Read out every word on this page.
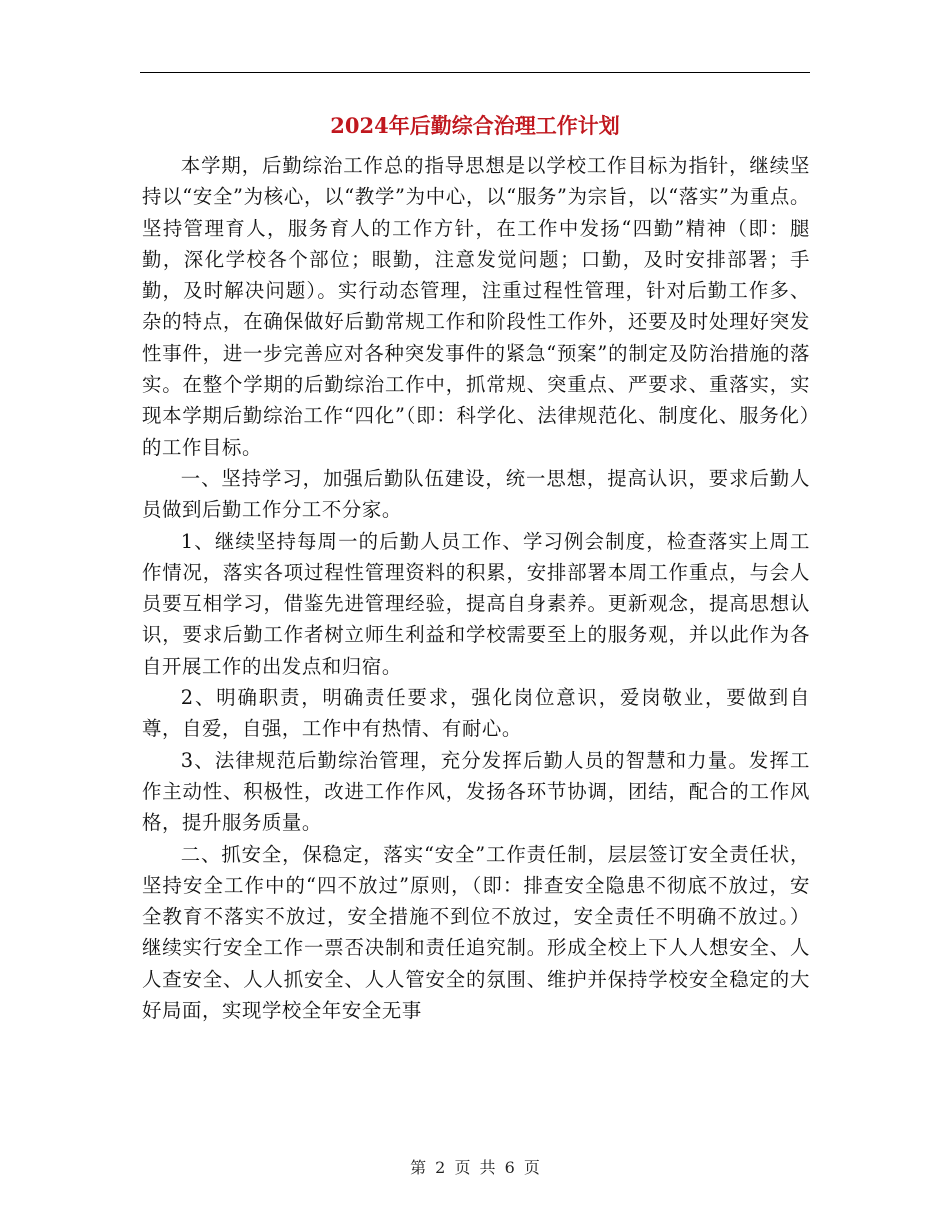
2024年后勤综合治理工作计划

本学期，后勤综治工作总的指导思想是以学校工作目标为指针，继续坚持以“安全”为核心，以“教学”为中心，以“服务”为宗旨，以“落实”为重点。坚持管理育人，服务育人的工作方针，在工作中发扬“四勤”精神（即：腿勤，深化学校各个部位；眼勤，注意发觉问题；口勤，及时安排部署；手勤，及时解决问题）。实行动态管理，注重过程性管理，针对后勤工作多、杂的特点，在确保做好后勤常规工作和阶段性工作外，还要及时处理好突发性事件，进一步完善应对各种突发事件的紧急“预案”的制定及防治措施的落实。在整个学期的后勤综治工作中，抓常规、突重点、严要求、重落实，实现本学期后勤综治工作“四化”（即：科学化、法律规范化、制度化、服务化）的工作目标。

一、坚持学习，加强后勤队伍建设，统一思想，提高认识，要求后勤人员做到后勤工作分工不分家。

1、继续坚持每周一的后勤人员工作、学习例会制度，检查落实上周工作情况，落实各项过程性管理资料的积累，安排部署本周工作重点，与会人员要互相学习，借鉴先进管理经验，提高自身素养。更新观念，提高思想认识，要求后勤工作者树立师生利益和学校需要至上的服务观，并以此作为各自开展工作的出发点和归宿。

2、明确职责，明确责任要求，强化岗位意识，爱岗敬业，要做到自尊，自爱，自强，工作中有热情、有耐心。

3、法律规范后勤综治管理，充分发挥后勤人员的智慧和力量。发挥工作主动性、积极性，改进工作作风，发扬各环节协调，团结，配合的工作风格，提升服务质量。

二、抓安全，保稳定，落实“安全”工作责任制，层层签订安全责任状，坚持安全工作中的“四不放过”原则，（即：排查安全隐患不彻底不放过，安全教育不落实不放过，安全措施不到位不放过，安全责任不明确不放过。）继续实行安全工作一票否决制和责任追究制。形成全校上下人人想安全、人人查安全、人人抓安全、人人管安全的氛围、维护并保持学校安全稳定的大好局面，实现学校全年安全无事

第 2 页 共 6 页
